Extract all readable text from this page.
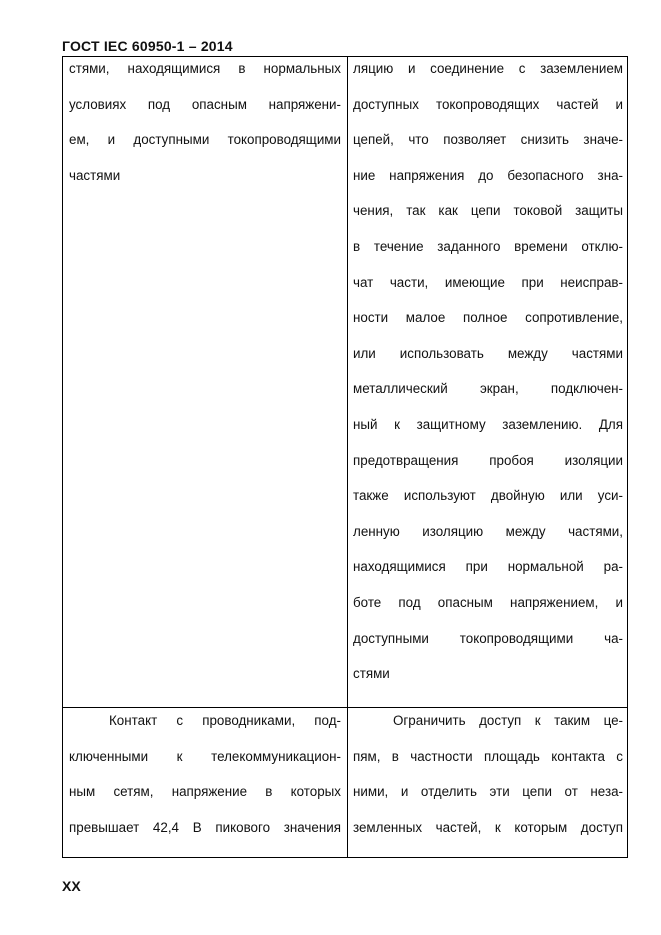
ГОСТ IEC 60950-1 – 2014
стями, находящимися в нормальных
условиях под опасным напряжени-
ем, и доступными токопроводящими
частями
ляцию и соединение с заземлением
доступных токопроводящих частей и
цепей, что позволяет снизить значе-
ние напряжения до безопасного зна-
чения, так как цепи токовой защиты
в течение заданного времени отклю-
чат части, имеющие при неисправ-
ности малое полное сопротивление,
или использовать между частями
металлический экран, подключен-
ный к защитному заземлению. Для
предотвращения пробоя изоляции
также используют двойную или уси-
ленную изоляцию между частями,
находящимися при нормальной ра-
боте под опасным напряжением, и
доступными токопроводящими ча-
стями
Контакт с проводниками, под-
ключенными к телекоммуникацион-
ным сетям, напряжение в которых
превышает 42,4 В пикового значения
Ограничить доступ к таким це-
пям, в частности площадь контакта с
ними, и отделить эти цепи от неза-
земленных частей, к которым доступ
XX
